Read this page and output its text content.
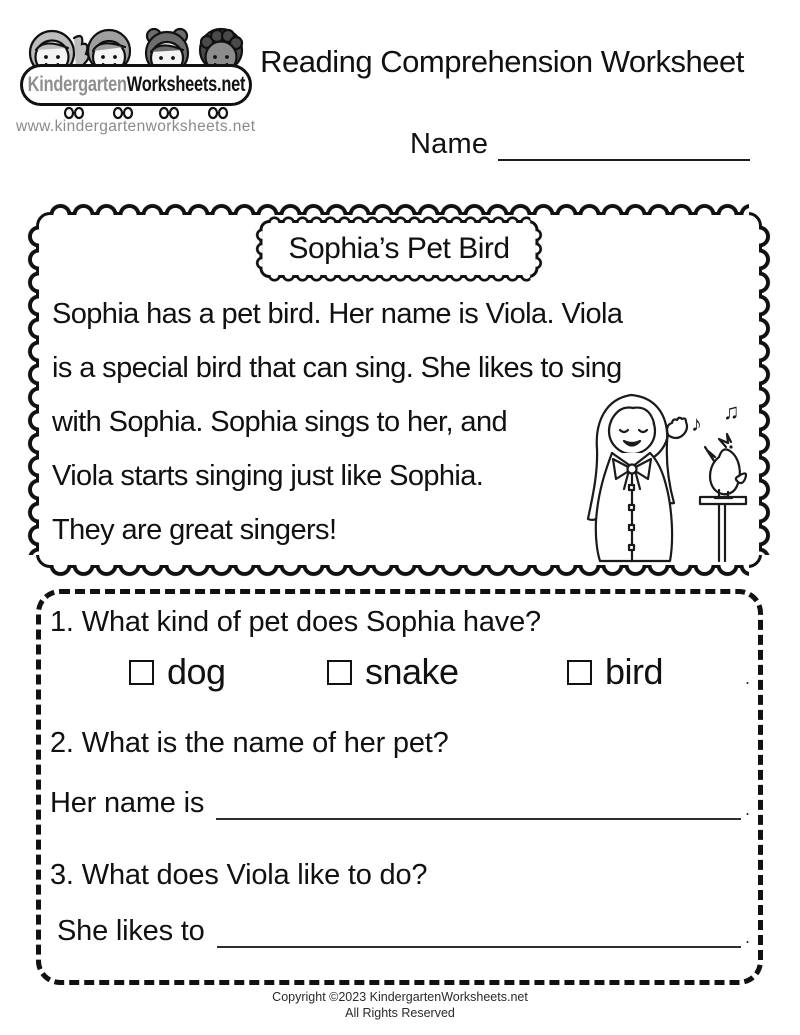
KindergartenWorksheets.net
www.kindergartenworksheets.net
Reading Comprehension Worksheet
Name
Sophia’s Pet Bird
Sophia has a pet bird. Her name is Viola. Viola
is a special bird that can sing. She likes to sing
with Sophia. Sophia sings to her, and
Viola starts singing just like Sophia.
They are great singers!
♪ ♫
1. What kind of pet does Sophia have?
dog	snake	bird	.
2. What is the name of her pet?
Her name is	.
3. What does Viola like to do?
She likes to	.
Copyright ©2023 KindergartenWorksheets.net
All Rights Reserved
